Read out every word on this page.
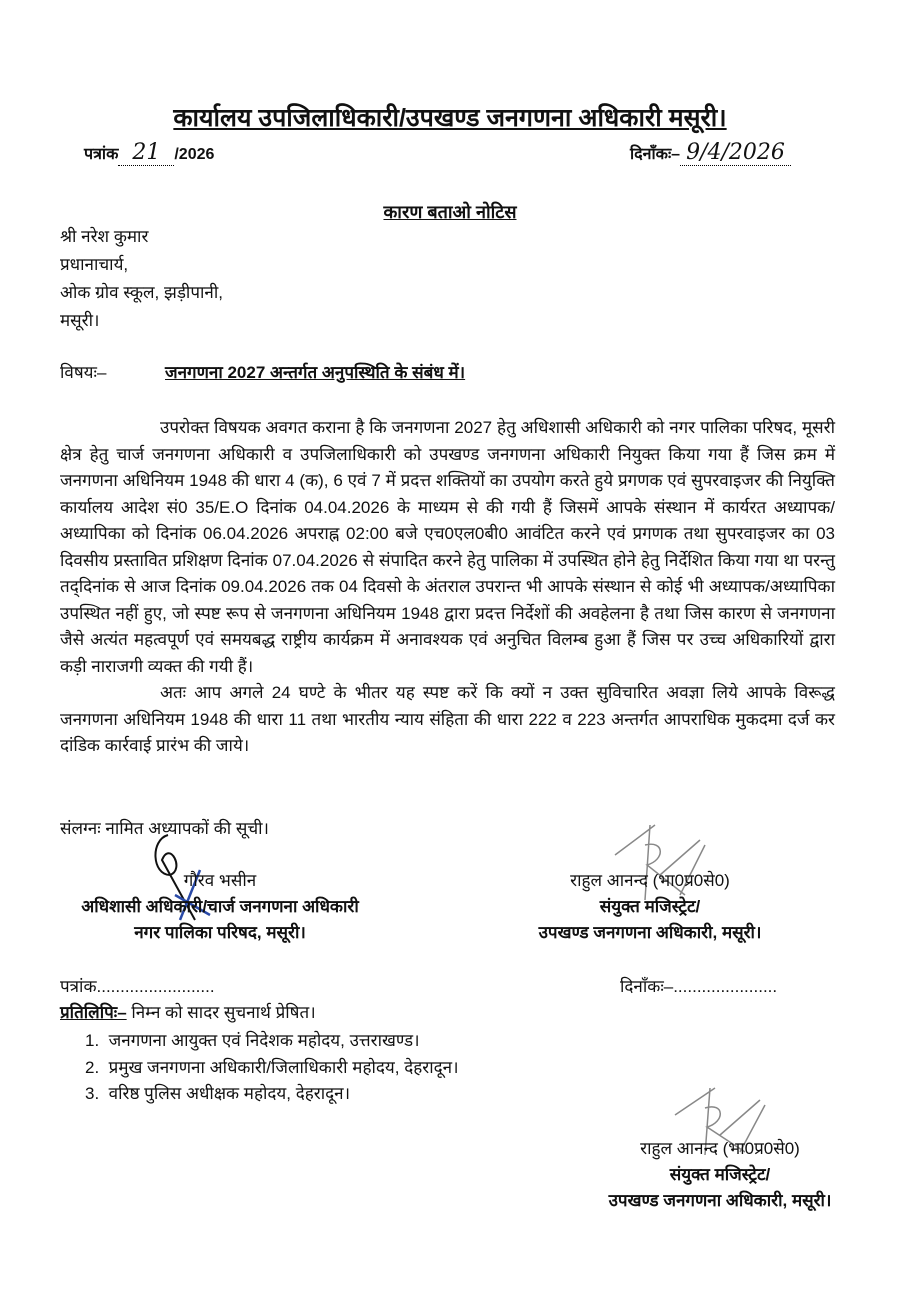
कार्यालय उपजिलाधिकारी/उपखण्ड जनगणना अधिकारी मसूरी।
पत्रांक 21 /2026	दिनाँकः– 9/4/2026
कारण बताओ नोटिस
श्री नरेश कुमार
प्रधानाचार्य,
ओक ग्रोव स्कूल, झड़ीपानी,
मसूरी।
विषयः–	जनगणना 2027 अन्तर्गत अनुपस्थिति के संबंध में।

उपरोक्त विषयक अवगत कराना है कि जनगणना 2027 हेतु अधिशासी अधिकारी को नगर पालिका परिषद, मूसरी क्षेत्र हेतु चार्ज जनगणना अधिकारी व उपजिलाधिकारी को उपखण्ड जनगणना अधिकारी नियुक्त किया गया हैं जिस क्रम में जनगणना अधिनियम 1948 की धारा 4 (क), 6 एवं 7 में प्रदत्त शक्तियों का उपयोग करते हुये प्रगणक एवं सुपरवाइजर की नियुक्ति कार्यालय आदेश सं0 35/E.O दिनांक 04.04.2026 के माध्यम से की गयी हैं जिसमें आपके संस्थान में कार्यरत अध्यापक/अध्यापिका को दिनांक 06.04.2026 अपराह्न 02:00 बजे एच0एल0बी0 आवंटित करने एवं प्रगणक तथा सुपरवाइजर का 03 दिवसीय प्रस्तावित प्रशिक्षण दिनांक 07.04.2026 से संपादित करने हेतु पालिका में उपस्थित होने हेतु निर्देशित किया गया था परन्तु तद्‌दिनांक से आज दिनांक 09.04.2026 तक 04 दिवसो के अंतराल उपरान्त भी आपके संस्थान से कोई भी अध्यापक/अध्यापिका उपस्थित नहीं हुए, जो स्पष्ट रूप से जनगणना अधिनियम 1948 द्वारा प्रदत्त निर्देशों की अवहेलना है तथा जिस कारण से जनगणना जैसे अत्यंत महत्वपूर्ण एवं समयबद्ध राष्ट्रीय कार्यक्रम में अनावश्यक एवं अनुचित विलम्ब हुआ हैं जिस पर उच्च अधिकारियों द्वारा कड़ी नाराजगी व्यक्त की गयी हैं।

अतः आप अगले 24 घण्टे के भीतर यह स्पष्ट करें कि क्यों न उक्त सुविचारित अवज्ञा लिये आपके विरूद्ध जनगणना अधिनियम 1948 की धारा 11 तथा भारतीय न्याय संहिता की धारा 222 व 223 अन्तर्गत आपराधिक मुकदमा दर्ज कर दांडिक कार्रवाई प्रारंभ की जाये।

संलग्नः नामित अध्यापकों की सूची।
गौरव भसीन
अधिशासी अधिकारी/चार्ज जनगणना अधिकारी
नगर पालिका परिषद, मसूरी।
राहुल आनन्द (भा0प्र0से0)
संयुक्त मजिस्ट्रेट/
उपखण्ड जनगणना अधिकारी, मसूरी।
पत्रांक.........................	दिनाँकः–......................
प्रतिलिपिः– निम्न को सादर सुचनार्थ प्रेषित।
1. जनगणना आयुक्त एवं निदेशक महोदय, उत्तराखण्ड।
2. प्रमुख जनगणना अधिकारी/जिलाधिकारी महोदय, देहरादून।
3. वरिष्ठ पुलिस अधीक्षक महोदय, देहरादून।
राहुल आनन्द (भा0प्र0से0)
संयुक्त मजिस्ट्रेट/
उपखण्ड जनगणना अधिकारी, मसूरी।
